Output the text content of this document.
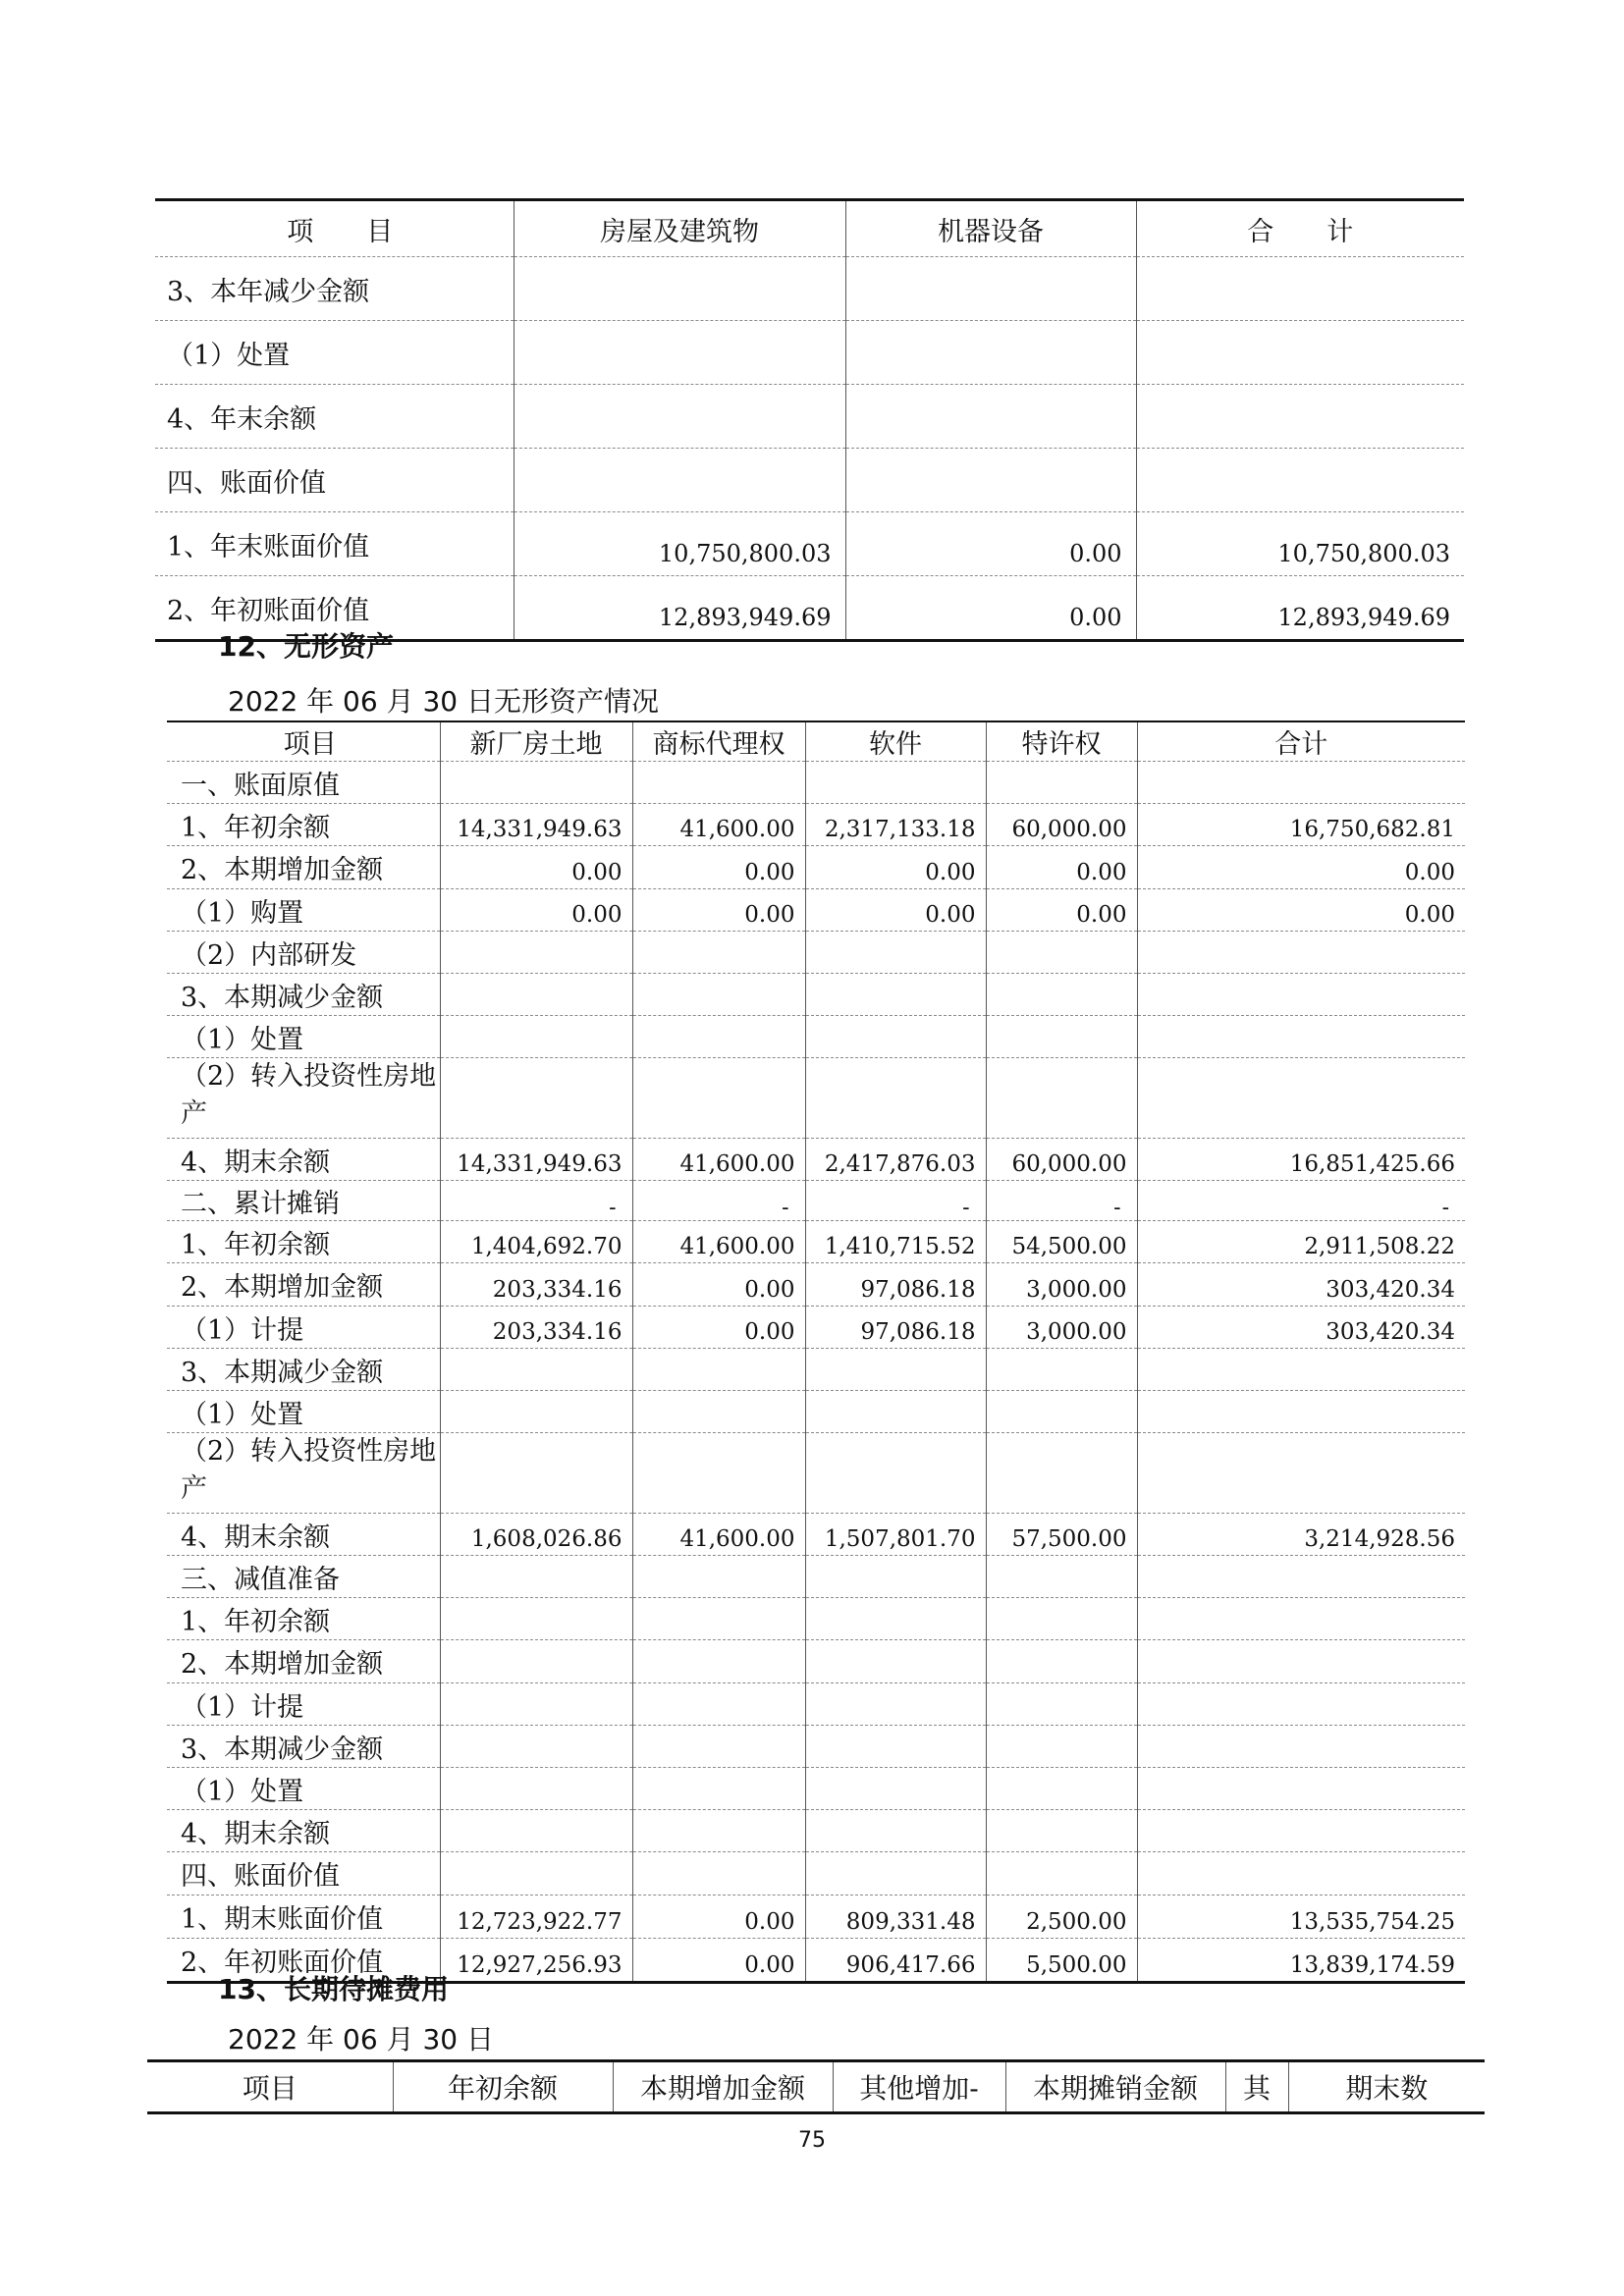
项　　目	房屋及建筑物	机器设备	合　　计
3、本年减少金额			
（1）处置			
4、年末余额			
四、账面价值			
1、年末账面价值	10,750,800.03	0.00	10,750,800.03
2、年初账面价值	12,893,949.69	0.00	12,893,949.69
12、无形资产
2022 年 06 月 30 日无形资产情况
项目	新厂房土地	商标代理权	软件	特许权	合计
一、账面原值					
1、年初余额	14,331,949.63	41,600.00	2,317,133.18	60,000.00	16,750,682.81
2、本期增加金额	0.00	0.00	0.00	0.00	0.00
（1）购置	0.00	0.00	0.00	0.00	0.00
（2）内部研发					
3、本期减少金额					
（1）处置					
（2）转入投资性房地产					
4、期末余额	14,331,949.63	41,600.00	2,417,876.03	60,000.00	16,851,425.66
二、累计摊销	-	-	-	-	-
1、年初余额	1,404,692.70	41,600.00	1,410,715.52	54,500.00	2,911,508.22
2、本期增加金额	203,334.16	0.00	97,086.18	3,000.00	303,420.34
（1）计提	203,334.16	0.00	97,086.18	3,000.00	303,420.34
3、本期减少金额					
（1）处置					
（2）转入投资性房地产					
4、期末余额	1,608,026.86	41,600.00	1,507,801.70	57,500.00	3,214,928.56
三、减值准备					
1、年初余额					
2、本期增加金额					
（1）计提					
3、本期减少金额					
（1）处置					
4、期末余额					
四、账面价值					
1、期末账面价值	12,723,922.77	0.00	809,331.48	2,500.00	13,535,754.25
2、年初账面价值	12,927,256.93	0.00	906,417.66	5,500.00	13,839,174.59
13、长期待摊费用
2022 年 06 月 30 日
项目	年初余额	本期增加金额	其他增加-	本期摊销金额	其	期末数
75
